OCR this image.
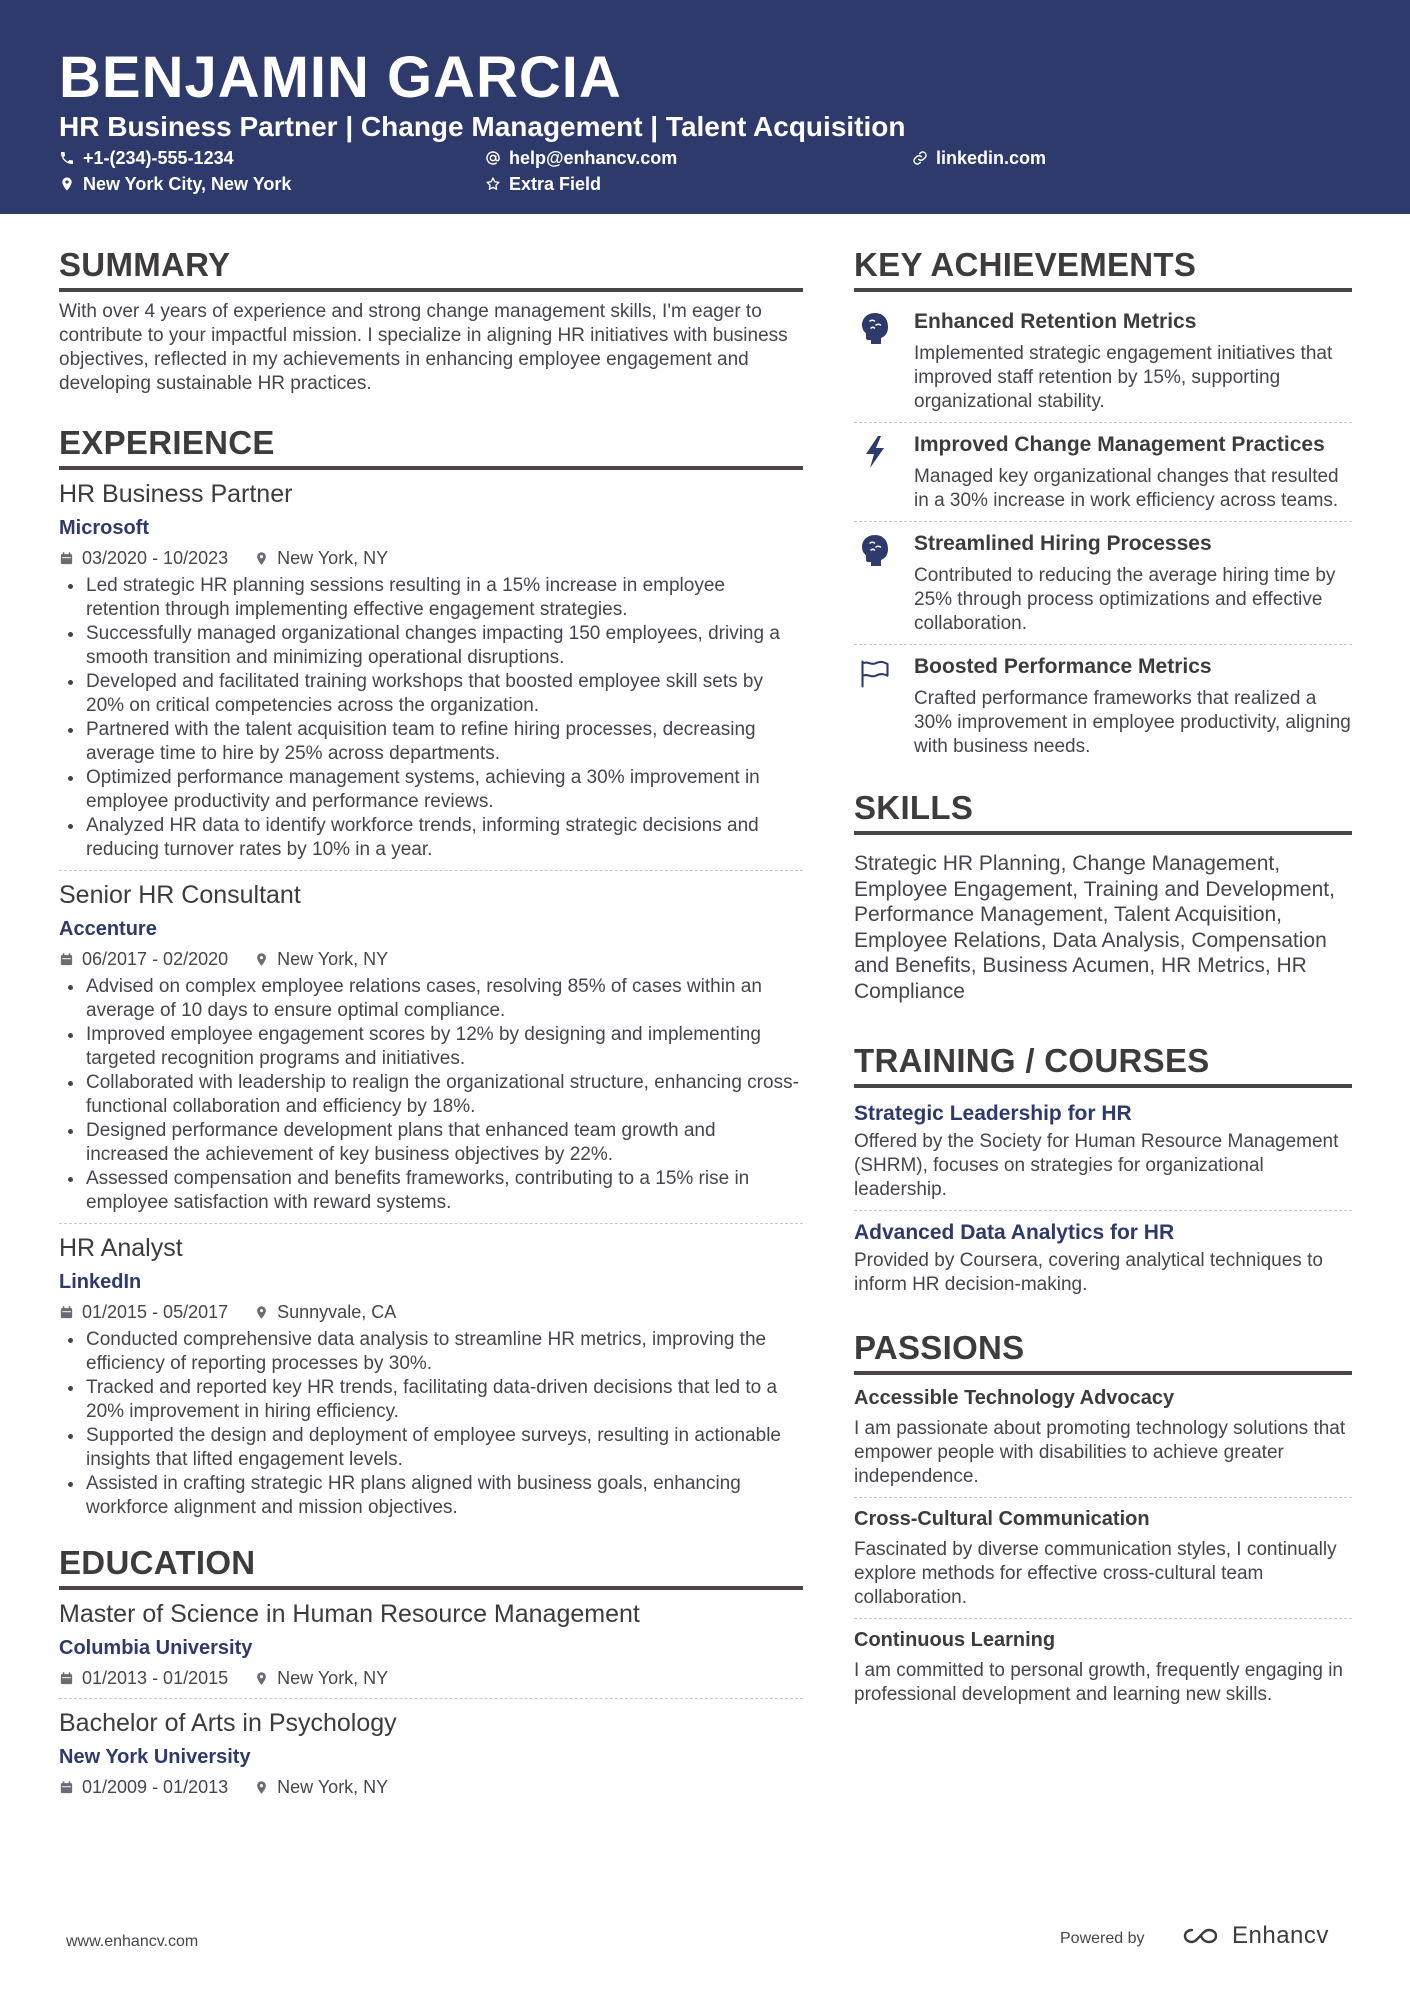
BENJAMIN GARCIA
HR Business Partner | Change Management | Talent Acquisition
+1-(234)-555-1234	help@enhancv.com	linkedin.com
New York City, New York	Extra Field
SUMMARY
With over 4 years of experience and strong change management skills, I'm eager to contribute to your impactful mission. I specialize in aligning HR initiatives with business objectives, reflected in my achievements in enhancing employee engagement and developing sustainable HR practices.
EXPERIENCE
HR Business Partner
Microsoft
03/2020 - 10/2023	New York, NY
Led strategic HR planning sessions resulting in a 15% increase in employee retention through implementing effective engagement strategies.
Successfully managed organizational changes impacting 150 employees, driving a smooth transition and minimizing operational disruptions.
Developed and facilitated training workshops that boosted employee skill sets by 20% on critical competencies across the organization.
Partnered with the talent acquisition team to refine hiring processes, decreasing average time to hire by 25% across departments.
Optimized performance management systems, achieving a 30% improvement in employee productivity and performance reviews.
Analyzed HR data to identify workforce trends, informing strategic decisions and reducing turnover rates by 10% in a year.
Senior HR Consultant
Accenture
06/2017 - 02/2020	New York, NY
Advised on complex employee relations cases, resolving 85% of cases within an average of 10 days to ensure optimal compliance.
Improved employee engagement scores by 12% by designing and implementing targeted recognition programs and initiatives.
Collaborated with leadership to realign the organizational structure, enhancing cross-functional collaboration and efficiency by 18%.
Designed performance development plans that enhanced team growth and increased the achievement of key business objectives by 22%.
Assessed compensation and benefits frameworks, contributing to a 15% rise in employee satisfaction with reward systems.
HR Analyst
LinkedIn
01/2015 - 05/2017	Sunnyvale, CA
Conducted comprehensive data analysis to streamline HR metrics, improving the efficiency of reporting processes by 30%.
Tracked and reported key HR trends, facilitating data-driven decisions that led to a 20% improvement in hiring efficiency.
Supported the design and deployment of employee surveys, resulting in actionable insights that lifted engagement levels.
Assisted in crafting strategic HR plans aligned with business goals, enhancing workforce alignment and mission objectives.
EDUCATION
Master of Science in Human Resource Management
Columbia University
01/2013 - 01/2015	New York, NY
Bachelor of Arts in Psychology
New York University
01/2009 - 01/2013	New York, NY
KEY ACHIEVEMENTS
Enhanced Retention Metrics
Implemented strategic engagement initiatives that improved staff retention by 15%, supporting organizational stability.
Improved Change Management Practices
Managed key organizational changes that resulted in a 30% increase in work efficiency across teams.
Streamlined Hiring Processes
Contributed to reducing the average hiring time by 25% through process optimizations and effective collaboration.
Boosted Performance Metrics
Crafted performance frameworks that realized a 30% improvement in employee productivity, aligning with business needs.
SKILLS
Strategic HR Planning, Change Management, Employee Engagement, Training and Development, Performance Management, Talent Acquisition, Employee Relations, Data Analysis, Compensation and Benefits, Business Acumen, HR Metrics, HR Compliance
TRAINING / COURSES
Strategic Leadership for HR
Offered by the Society for Human Resource Management (SHRM), focuses on strategies for organizational leadership.
Advanced Data Analytics for HR
Provided by Coursera, covering analytical techniques to inform HR decision-making.
PASSIONS
Accessible Technology Advocacy
I am passionate about promoting technology solutions that empower people with disabilities to achieve greater independence.
Cross-Cultural Communication
Fascinated by diverse communication styles, I continually explore methods for effective cross-cultural team collaboration.
Continuous Learning
I am committed to personal growth, frequently engaging in professional development and learning new skills.
www.enhancv.com	Powered by	Enhancv
